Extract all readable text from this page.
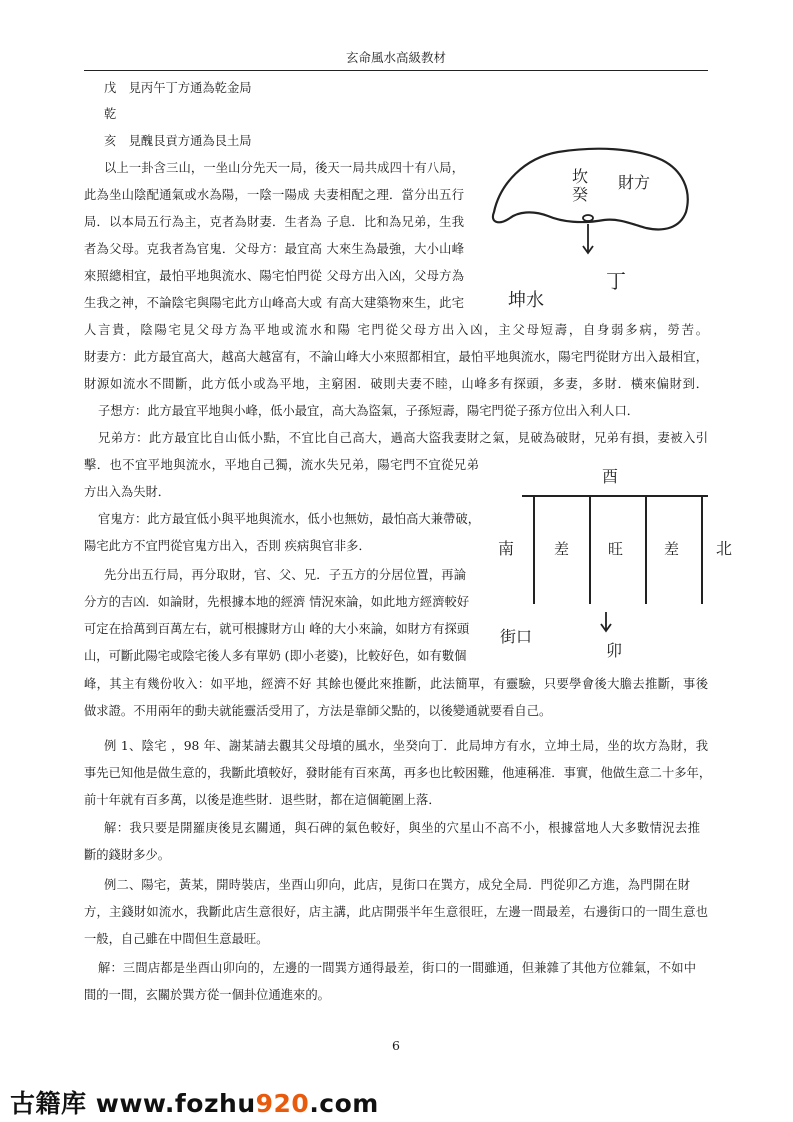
玄命風水高級教材
戊　見丙午丁方通為乾金局
乾
亥　見醜艮貢方通為艮土局
以上一卦含三山，一坐山分先天一局，後天一局共成四十有八局，
此為坐山陰配通氣或水為陽，一陰一陽成 夫妻相配之理．當分出五行
局．以本局五行為主，克者為財妻．生者為 子息．比和為兄弟，生我
者為父母。克我者為官鬼．父母方：最宜高 大來生為最強，大小山峰
來照總相宜，最怕平地與流水、陽宅怕門從 父母方出入凶，父母方為
生我之神，不論陰宅與陽宅此方山峰高大或 有高大建築物來生，此宅
人言貴，陰陽宅見父母方為平地或流水和陽 宅門從父母方出入凶，主父母短壽，自身弱多病，勞苦。
財妻方：此方最宜高大，越高大越富有，不論山峰大小來照都相宜，最怕平地與流水，陽宅門從財方出入最相宜，
財源如流水不間斷，此方低小或為平地，主窮困．破則夫妻不睦，山峰多有探頭，多妻，多財．橫來偏財到．
子想方：此方最宜平地與小峰，低小最宜，高大為盜氣，子孫短壽，陽宅門從子孫方位出入利人口．
兄弟方：此方最宜比自山低小點，不宜比自己高大，過高大盜我妻財之氣，見破為破財，兄弟有損，妻被入引
擊．也不宜平地與流水，平地自己獨，流水失兄弟，陽宅門不宜從兄弟
方出入為失財．
官鬼方：此方最宜低小與平地與流水，低小也無妨，最怕高大兼帶破，
陽宅此方不宜門從官鬼方出入，否則 疾病與官非多．
先分出五行局，再分取財，官、父、兄．子五方的分居位置，再論
分方的吉凶．如論財，先根據本地的經濟 情況來論，如此地方經濟較好
可定在拾萬到百萬左右，就可根據財方山 峰的大小來論，如財方有探頭
山，可斷此陽宅或陰宅後人多有單奶 (即小老婆)，比較好色，如有數個
峰，其主有幾份收入：如平地，經濟不好 其餘也優此來推斷，此法簡單，有靈驗，只要學會後大膽去推斷，事後
做求證。不用兩年的動夫就能靈活受用了，方法是靠師父點的，以後變通就要看自己。
例 1、陰宅 ，98 年、謝某請去觀其父母墳的風水，坐癸向丁．此局坤方有水，立坤土局，坐的坎方為財，我
事先已知他是做生意的，我斷此墳較好，發財能有百來萬，再多也比較困難，他連稱准．事實，他做生意二十多年，
前十年就有百多萬，以後是進些財．退些財，都在這個範圍上落．
解：我只要是開羅庚後見玄關通，與石碑的氣色較好，與坐的穴星山不高不小，根據當地人大多數情況去推
斷的錢財多少。
例二、陽宅，黃某，開時裝店，坐酉山卯向，此店，見街口在巽方，成兌全局．門從卯乙方進，為門開在財
方，主錢財如流水，我斷此店生意很好，店主講，此店開張半年生意很旺，左邊一間最差，右邊街口的一間生意也
一般，自己雖在中間但生意最旺。
解：三間店都是坐酉山卯向的，左邊的一間巽方通得最差，街口的一間雖通，但兼雜了其他方位雜氣，不如中
間的一間，玄關於巽方從一個卦位通進來的。
坎
癸
財方
丁
坤水
酉
南	北
差	旺	差
街口
卯
6
古籍库 www.fozhu920.com
